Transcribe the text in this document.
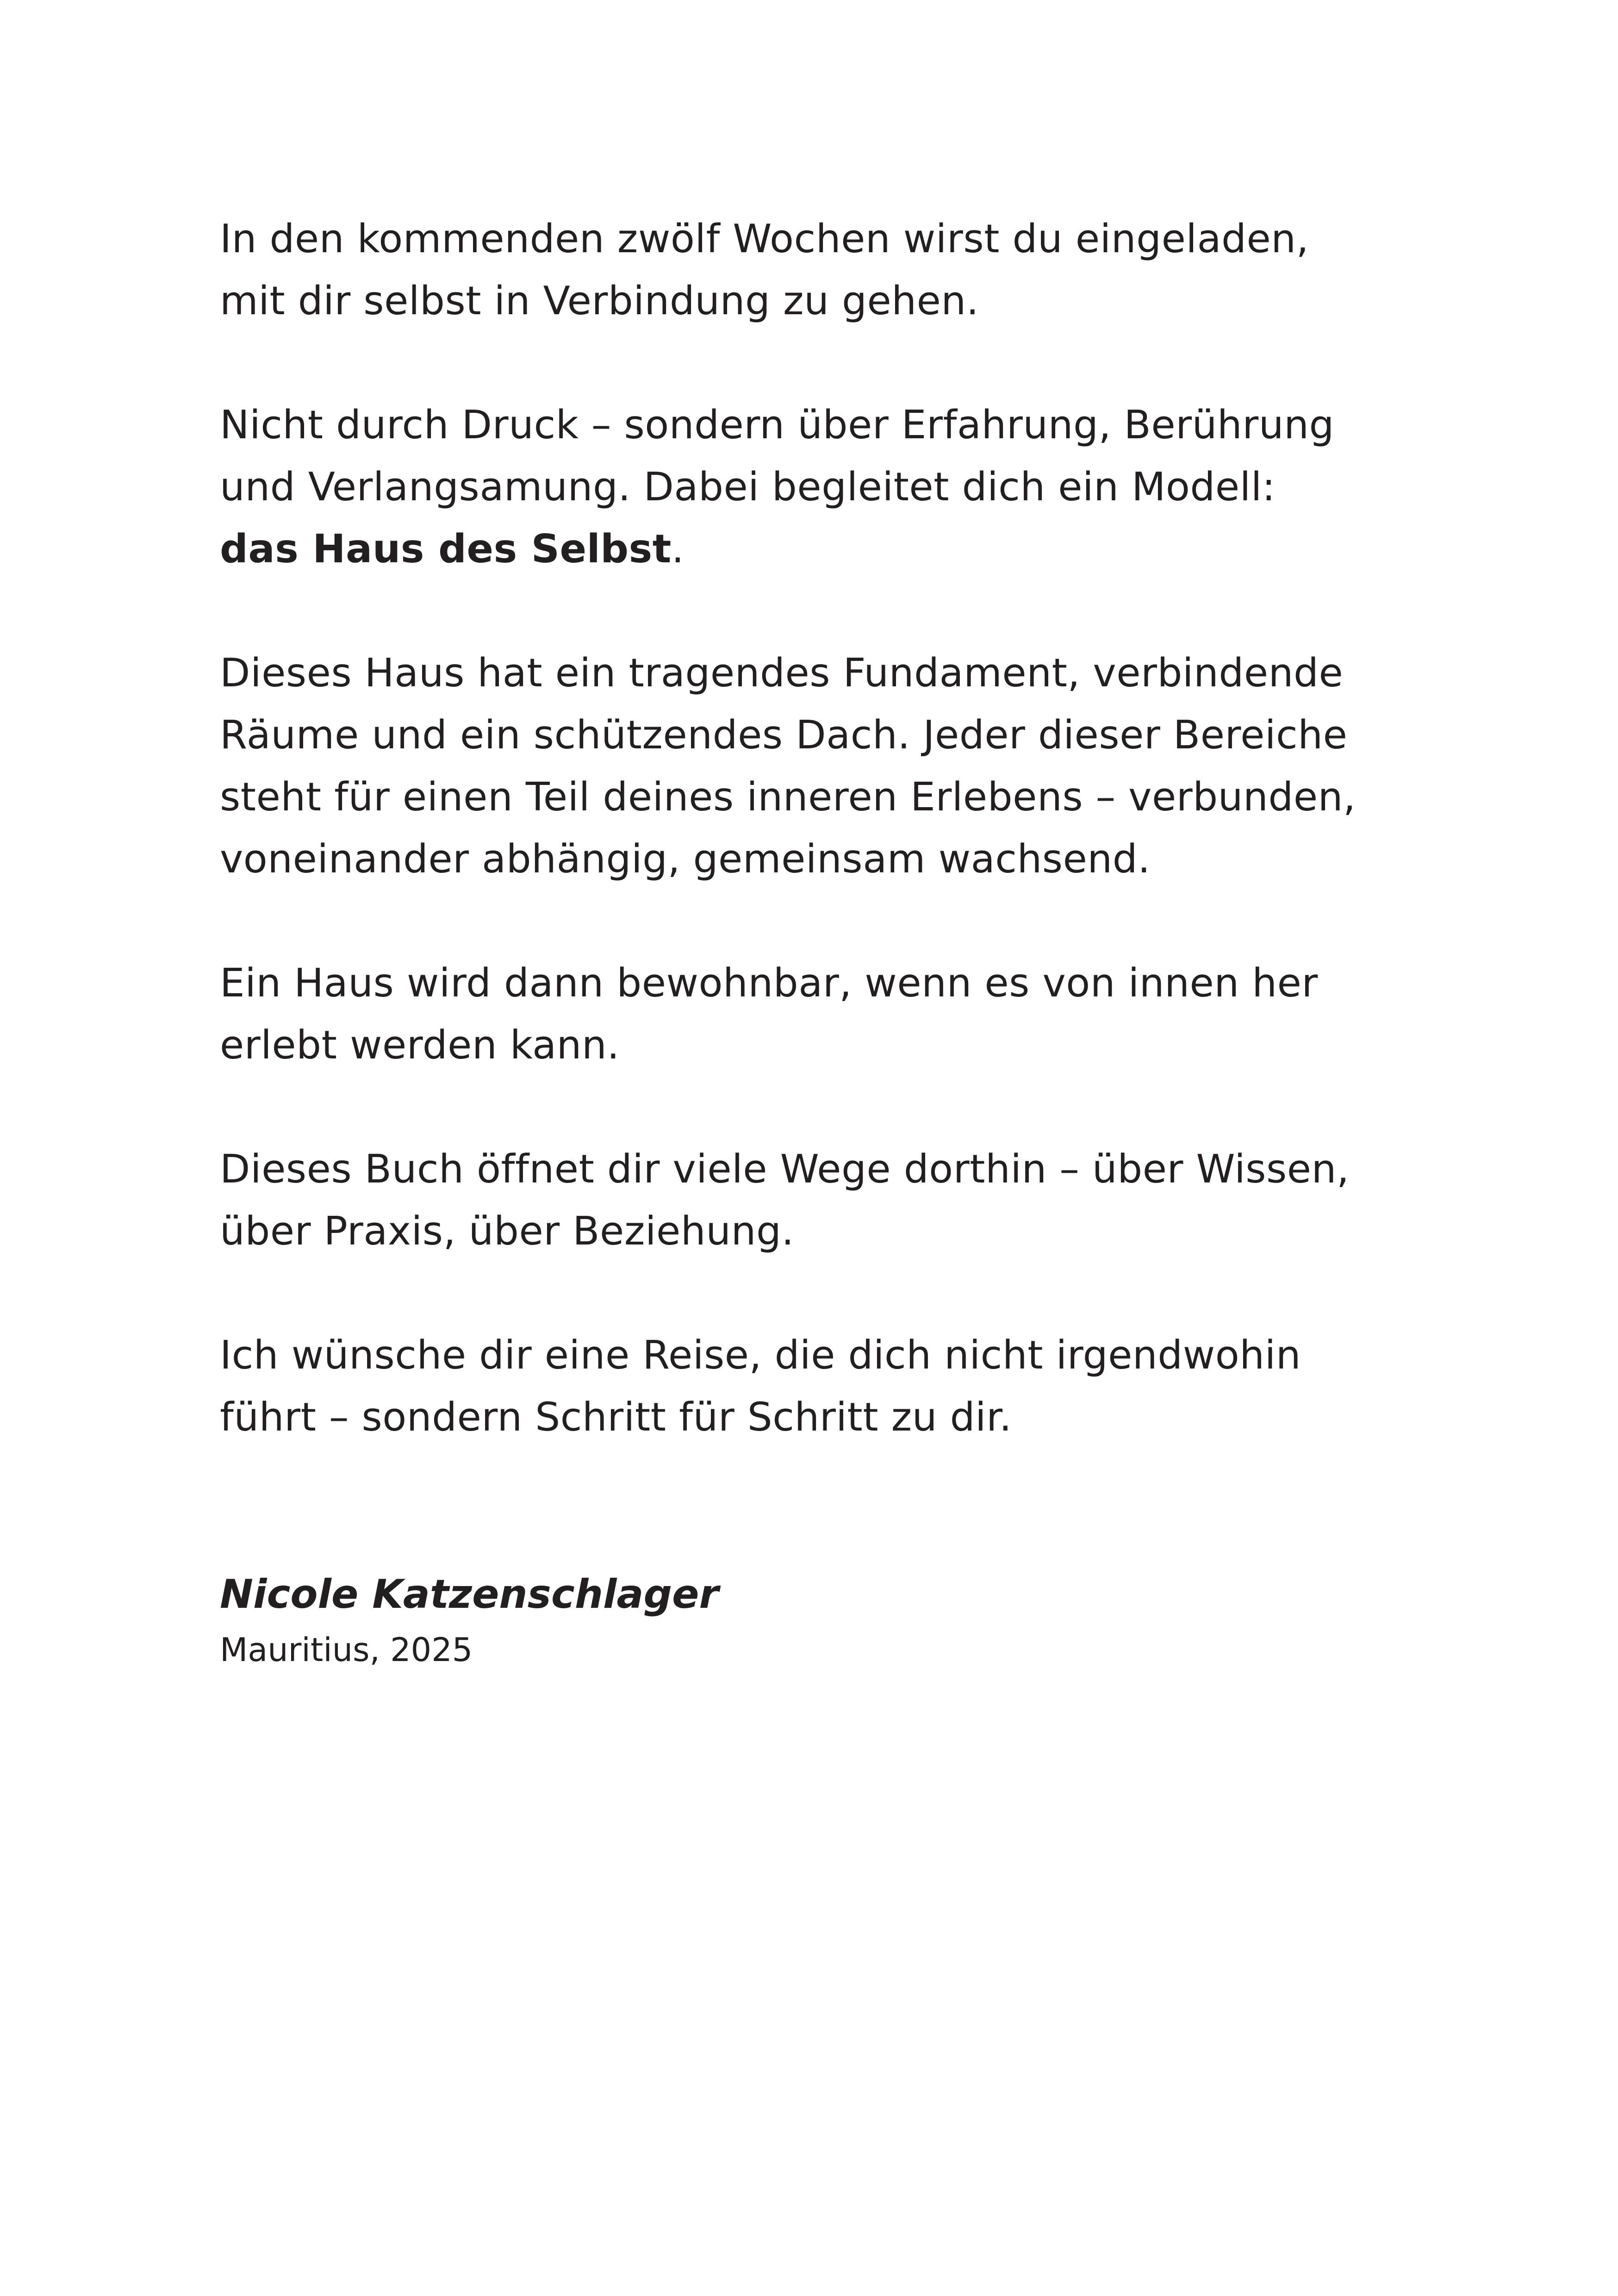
In den kommenden zwölf Wochen wirst du eingeladen,
mit dir selbst in Verbindung zu gehen.

Nicht durch Druck – sondern über Erfahrung, Berührung
und Verlangsamung. Dabei begleitet dich ein Modell:
das Haus des Selbst.

Dieses Haus hat ein tragendes Fundament, verbindende
Räume und ein schützendes Dach. Jeder dieser Bereiche
steht für einen Teil deines inneren Erlebens – verbunden,
voneinander abhängig, gemeinsam wachsend.

Ein Haus wird dann bewohnbar, wenn es von innen her
erlebt werden kann.

Dieses Buch öffnet dir viele Wege dorthin – über Wissen,
über Praxis, über Beziehung.

Ich wünsche dir eine Reise, die dich nicht irgendwohin
führt – sondern Schritt für Schritt zu dir.

Nicole Katzenschlager
Mauritius, 2025
